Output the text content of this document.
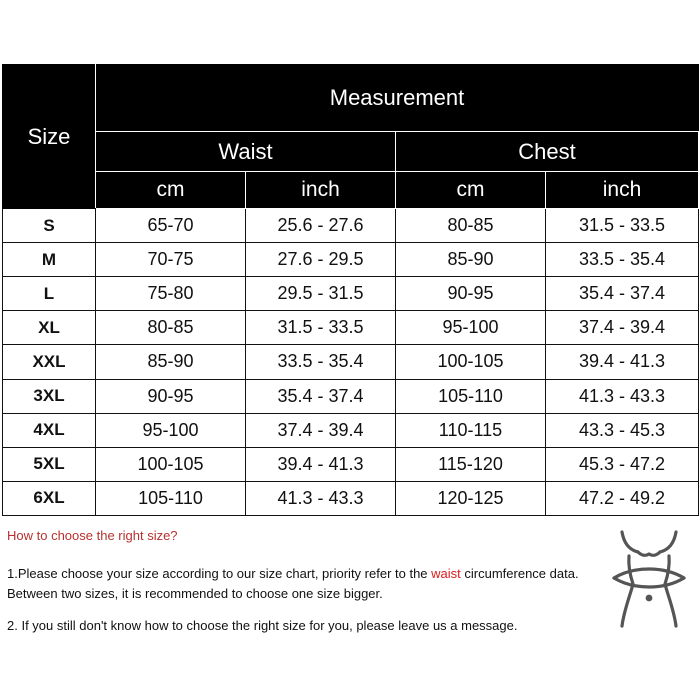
Size	Measurement			
	Waist		Chest	
	cm	inch	cm	inch
S	65-70	25.6 - 27.6	80-85	31.5 - 33.5
M	70-75	27.6 - 29.5	85-90	33.5 - 35.4
L	75-80	29.5 - 31.5	90-95	35.4 - 37.4
XL	80-85	31.5 - 33.5	95-100	37.4 - 39.4
XXL	85-90	33.5 - 35.4	100-105	39.4 - 41.3
3XL	90-95	35.4 - 37.4	105-110	41.3 - 43.3
4XL	95-100	37.4 - 39.4	110-115	43.3 - 45.3
5XL	100-105	39.4 - 41.3	115-120	45.3 - 47.2
6XL	105-110	41.3 - 43.3	120-125	47.2 - 49.2

How to choose the right size?

1.Please choose your size according to our size chart, priority refer to the waist circumference data. Between two sizes, it is recommended to choose one size bigger.

2. If you still don't know how to choose the right size for you, please leave us a message.
